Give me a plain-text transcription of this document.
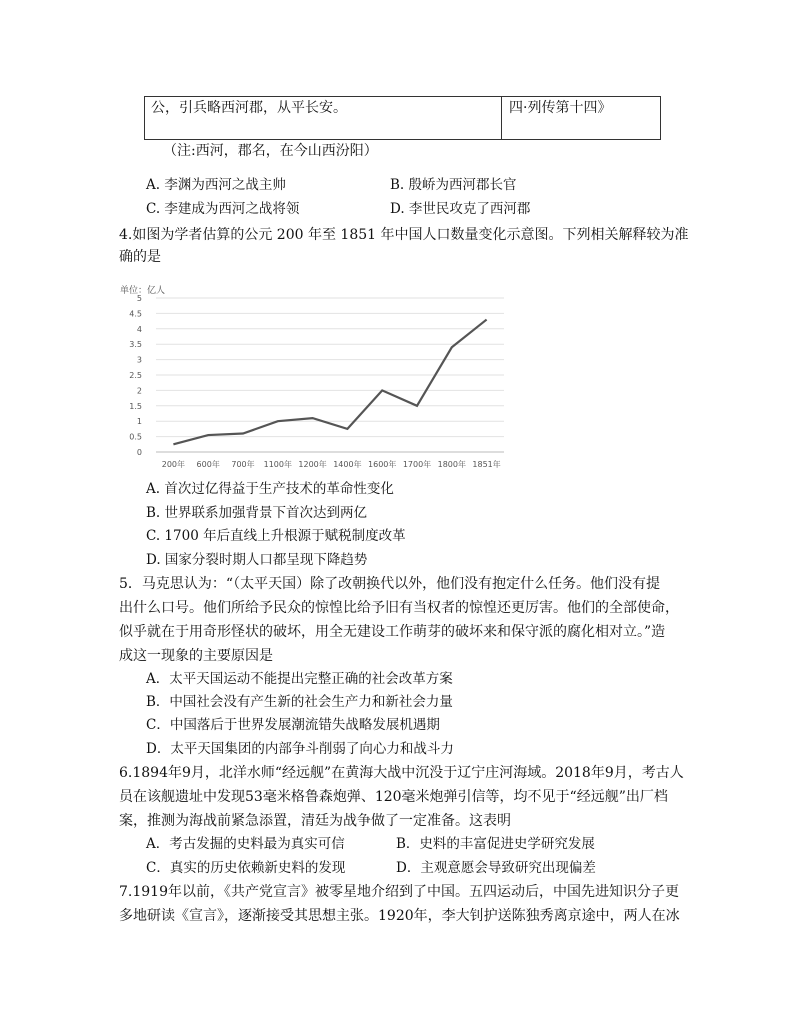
公，引兵略西河郡，从平长安。	四·列传第十四》
（注:西河，郡名，在今山西汾阳）
A. 李渊为西河之战主帅	B. 殷峤为西河郡长官
C. 李建成为西河之战将领	D. 李世民攻克了西河郡
4.如图为学者估算的公元 200 年至 1851 年中国人口数量变化示意图。下列相关解释较为准
确的是
单位：亿人
0
0.5
1
1.5
2
2.5
3
3.5
4
4.5
5
200年 600年 700年 1100年 1200年 1400年 1600年 1700年 1800年 1851年
A. 首次过亿得益于生产技术的革命性变化
B. 世界联系加强背景下首次达到两亿
C. 1700 年后直线上升根源于赋税制度改革
D. 国家分裂时期人口都呈现下降趋势
5．马克思认为：“（太平天国）除了改朝换代以外，他们没有抱定什么任务。他们没有提
出什么口号。他们所给予民众的惊惶比给予旧有当权者的惊惶还更厉害。他们的全部使命，
似乎就在于用奇形怪状的破坏，用全无建设工作萌芽的破坏来和保守派的腐化相对立。”造
成这一现象的主要原因是
A．太平天国运动不能提出完整正确的社会改革方案
B．中国社会没有产生新的社会生产力和新社会力量
C．中国落后于世界发展潮流错失战略发展机遇期
D．太平天国集团的内部争斗削弱了向心力和战斗力
6.1894年9月，北洋水师“经远舰”在黄海大战中沉没于辽宁庄河海域。2018年9月，考古人
员在该舰遗址中发现53毫米格鲁森炮弹、120毫米炮弹引信等，均不见于“经远舰”出厂档
案，推测为海战前紧急添置，清廷为战争做了一定准备。这表明
A．考古发掘的史料最为真实可信	B．史料的丰富促进史学研究发展
C．真实的历史依赖新史料的发现	D．主观意愿会导致研究出现偏差
7.1919年以前，《共产党宣言》被零星地介绍到了中国。五四运动后，中国先进知识分子更
多地研读《宣言》，逐渐接受其思想主张。1920年，李大钊护送陈独秀离京途中，两人在冰
